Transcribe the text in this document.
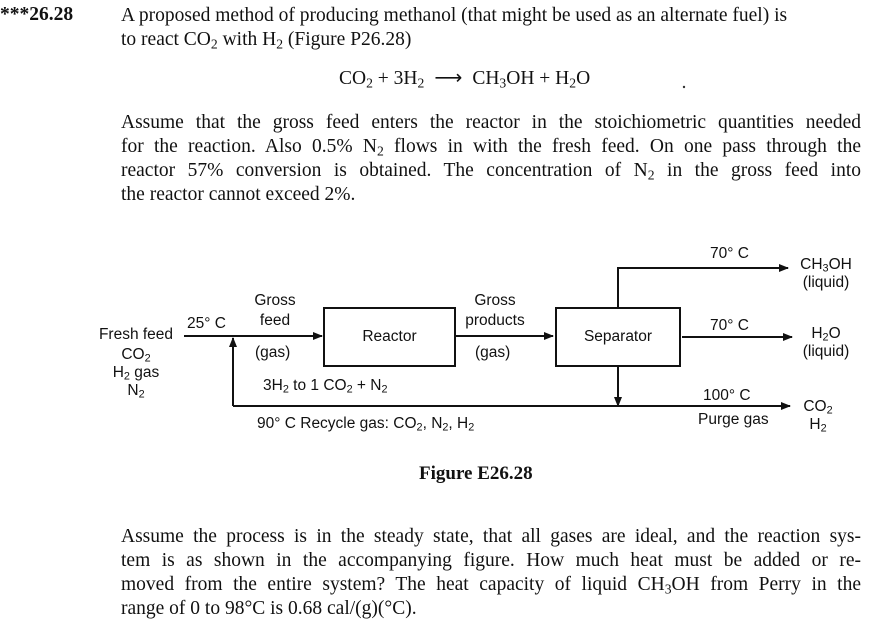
***26.28 A proposed method of producing methanol (that might be used as an alternate fuel) is
to react $CO_2$ with $H_2$ (Figure P26.28)
$CO_2 + 3H_2$ ⟶ $CH_3OH + H_2O$
Assume that the gross feed enters the reactor in the stoichiometric quantities needed
for the reaction. Also 0.5% $N_2$ flows in with the fresh feed. On one pass through the
reactor 57% conversion is obtained. The concentration of $N_2$ in the gross feed into
the reactor cannot exceed 2%.
Reactor	Separator
Fresh feed
$CO_2$
$H_2$ gas
$N_2$
25° C
Gross
feed
(gas)
$3H_2$ to 1 $CO_2 + N_2$
Gross
products
(gas)
70° C
70° C
100° C
Purge gas
$CH_3OH$
(liquid)
$H_2O$
(liquid)
$CO_2$
$H_2$
90° C Recycle gas: $CO_2$, $N_2$, $H_2$
Figure E26.28
Assume the process is in the steady state, that all gases are ideal, and the reaction sys-
tem is as shown in the accompanying figure. How much heat must be added or re-
moved from the entire system? The heat capacity of liquid $CH_3OH$ from Perry in the
range of 0 to 98°C is 0.68 cal/(g)(°C).
